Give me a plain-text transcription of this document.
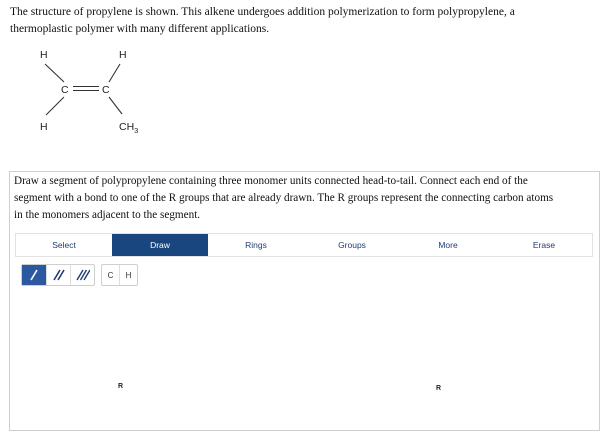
The structure of propylene is shown. This alkene undergoes addition polymerization to form polypropylene, a
thermoplastic polymer with many different applications.
H	H
C	C
H	$CH_3$
Draw a segment of polypropylene containing three monomer units connected head-to-tail. Connect each end of the
segment with a bond to one of the R groups that are already drawn. The R groups represent the connecting carbon atoms
in the monomers adjacent to the segment.
Select	Draw	Rings	Groups	More	Erase
C	H
R	R
